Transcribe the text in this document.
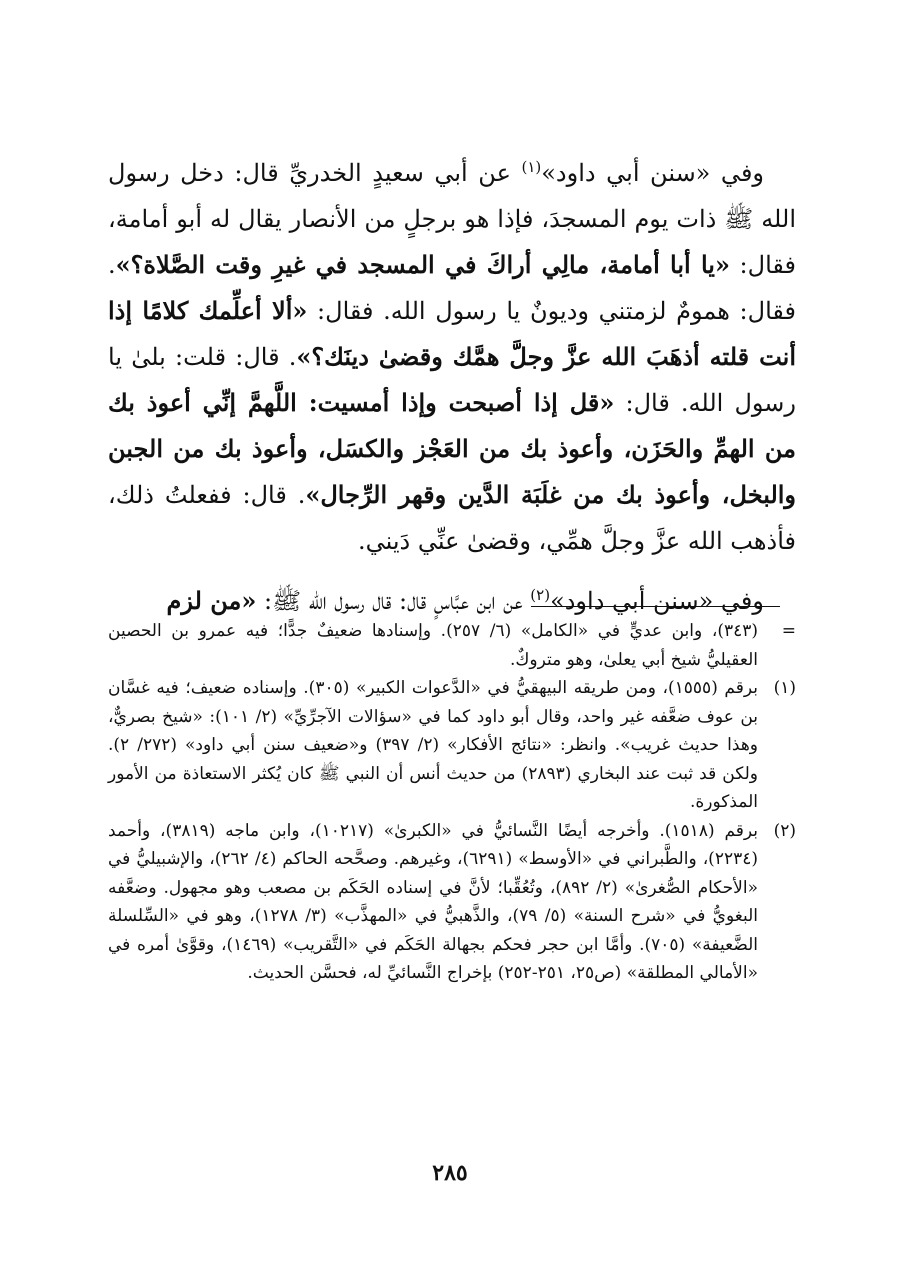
وفي «سنن أبي داود»$^{(١)}$ عن أبي سعيدٍ الخدريِّ قال: دخل رسول الله ﷺ ذات يوم المسجدَ، فإذا هو برجلٍ من الأنصار يقال له أبو أمامة، فقال: «يا أبا أمامة، مالِي أراكَ في المسجد في غيرِ وقت الصَّلاة؟». فقال: همومٌ لزمتني وديونٌ يا رسول الله. فقال: «ألا أعلِّمك كلامًا إذا أنت قلته أذهَبَ الله عزَّ وجلَّ همَّك وقضىٰ دينَك؟». قال: قلت: بلىٰ يا رسول الله. قال: «قل إذا أصبحت وإذا أمسيت: اللَّهمَّ إنِّي أعوذ بك من الهمِّ والحَزَن، وأعوذ بك من العَجْز والكسَل، وأعوذ بك من الجبن والبخل، وأعوذ بك من غلَبَة الدَّين وقهر الرِّجال». قال: ففعلتُ ذلك، فأذهب الله عزَّ وجلَّ همِّي، وقضىٰ عنِّي دَيني.

وفي «سنن أبي داود»$^{(٢)}$ عن ابن عبَّاسٍ قال: قال رسول الله ﷺ: «من لزم

=
(٣٤٣)، وابن عديٍّ في «الكامل» (٦/ ٢٥٧). وإسنادها ضعيفٌ جدًّا؛ فيه عمرو بن الحصين العقيليُّ شيخ أبي يعلىٰ، وهو متروكٌ.
(١)
برقم (١٥٥٥)، ومن طريقه البيهقيُّ في «الدَّعوات الكبير» (٣٠٥). وإسناده ضعيف؛ فيه غسَّان بن عوف ضعَّفه غير واحد، وقال أبو داود كما في «سؤالات الآجرِّيِّ» (٢/ ١٠١): «شيخ بصريٌّ، وهذا حديث غريب». وانظر: «نتائج الأفكار» (٢/ ٣٩٧) و«ضعيف سنن أبي داود» (٢٧٢/ ٢). ولكن قد ثبت عند البخاري (٢٨٩٣) من حديث أنس أن النبي ﷺ كان يُكثر الاستعاذة من الأمور المذكورة.
(٢)
برقم (١٥١٨). وأخرجه أيضًا النَّسائيُّ في «الكبرىٰ» (١٠٢١٧)، وابن ماجه (٣٨١٩)، وأحمد (٢٢٣٤)، والطَّبراني في «الأوسط» (٦٢٩١)، وغيرهم. وصحَّحه الحاكم (٤/ ٢٦٢)، والإشبيليُّ في «الأحكام الصُّغرىٰ» (٢/ ٨٩٢)، وتُعُقِّبا؛ لأنَّ في إسناده الحَكَم بن مصعب وهو مجهول. وضعَّفه البغويُّ في «شرح السنة» (٥/ ٧٩)، والذَّهبيُّ في «المهذَّب» (٣/ ١٢٧٨)، وهو في «السِّلسلة الضَّعيفة» (٧٠٥). وأمَّا ابن حجر فحكم بجهالة الحَكَم في «التَّقريب» (١٤٦٩)، وقوَّىٰ أمره في «الأمالي المطلقة» (ص٢٥، ٢٥١-٢٥٢) بإخراج النَّسائيِّ له، فحسَّن الحديث.
٢٨٥
